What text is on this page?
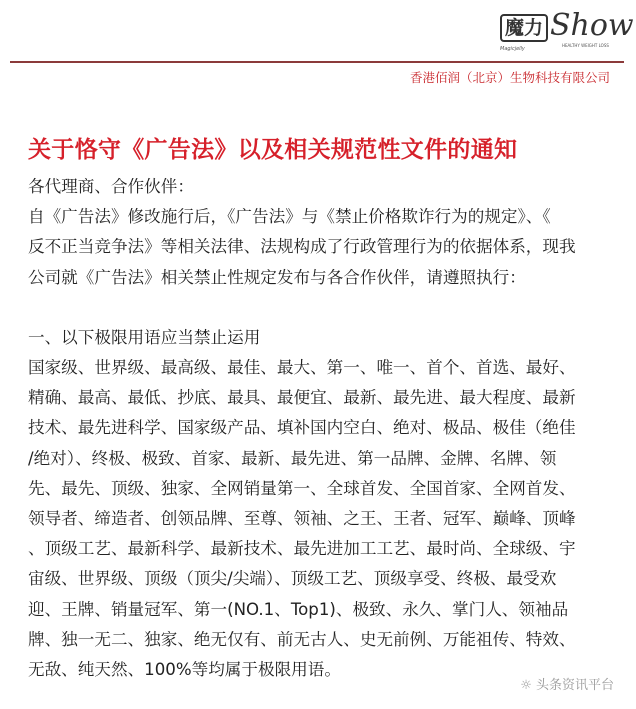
魔力 Show
Magicjelly
HEALTHY WEIGHT LOSS
香港佰润（北京）生物科技有限公司
关于恪守《广告法》以及相关规范性文件的通知
各代理商、合作伙伴：
自《广告法》修改施行后，《广告法》与《禁止价格欺诈行为的规定》、《
反不正当竞争法》等相关法律、法规构成了行政管理行为的依据体系，现我
公司就《广告法》相关禁止性规定发布与各合作伙伴，请遵照执行：
一、以下极限用语应当禁止运用
国家级、世界级、最高级、最佳、最大、第一、唯一、首个、首选、最好、
精确、最高、最低、抄底、最具、最便宜、最新、最先进、最大程度、最新
技术、最先进科学、国家级产品、填补国内空白、绝对、极品、极佳（绝佳
/绝对）、终极、极致、首家、最新、最先进、第一品牌、金牌、名牌、领
先、最先、顶级、独家、全网销量第一、全球首发、全国首家、全网首发、
领导者、缔造者、创领品牌、至尊、领袖、之王、王者、冠军、巅峰、顶峰
、顶级工艺、最新科学、最新技术、最先进加工工艺、最时尚、全球级、宇
宙级、世界级、顶级（顶尖/尖端）、顶级工艺、顶级享受、终极、最受欢
迎、王牌、销量冠军、第一(NO.1、Top1)、极致、永久、掌门人、领袖品
牌、独一无二、独家、绝无仅有、前无古人、史无前例、万能祖传、特效、
无敌、纯天然、100%等均属于极限用语。
☼ 头条资讯平台
